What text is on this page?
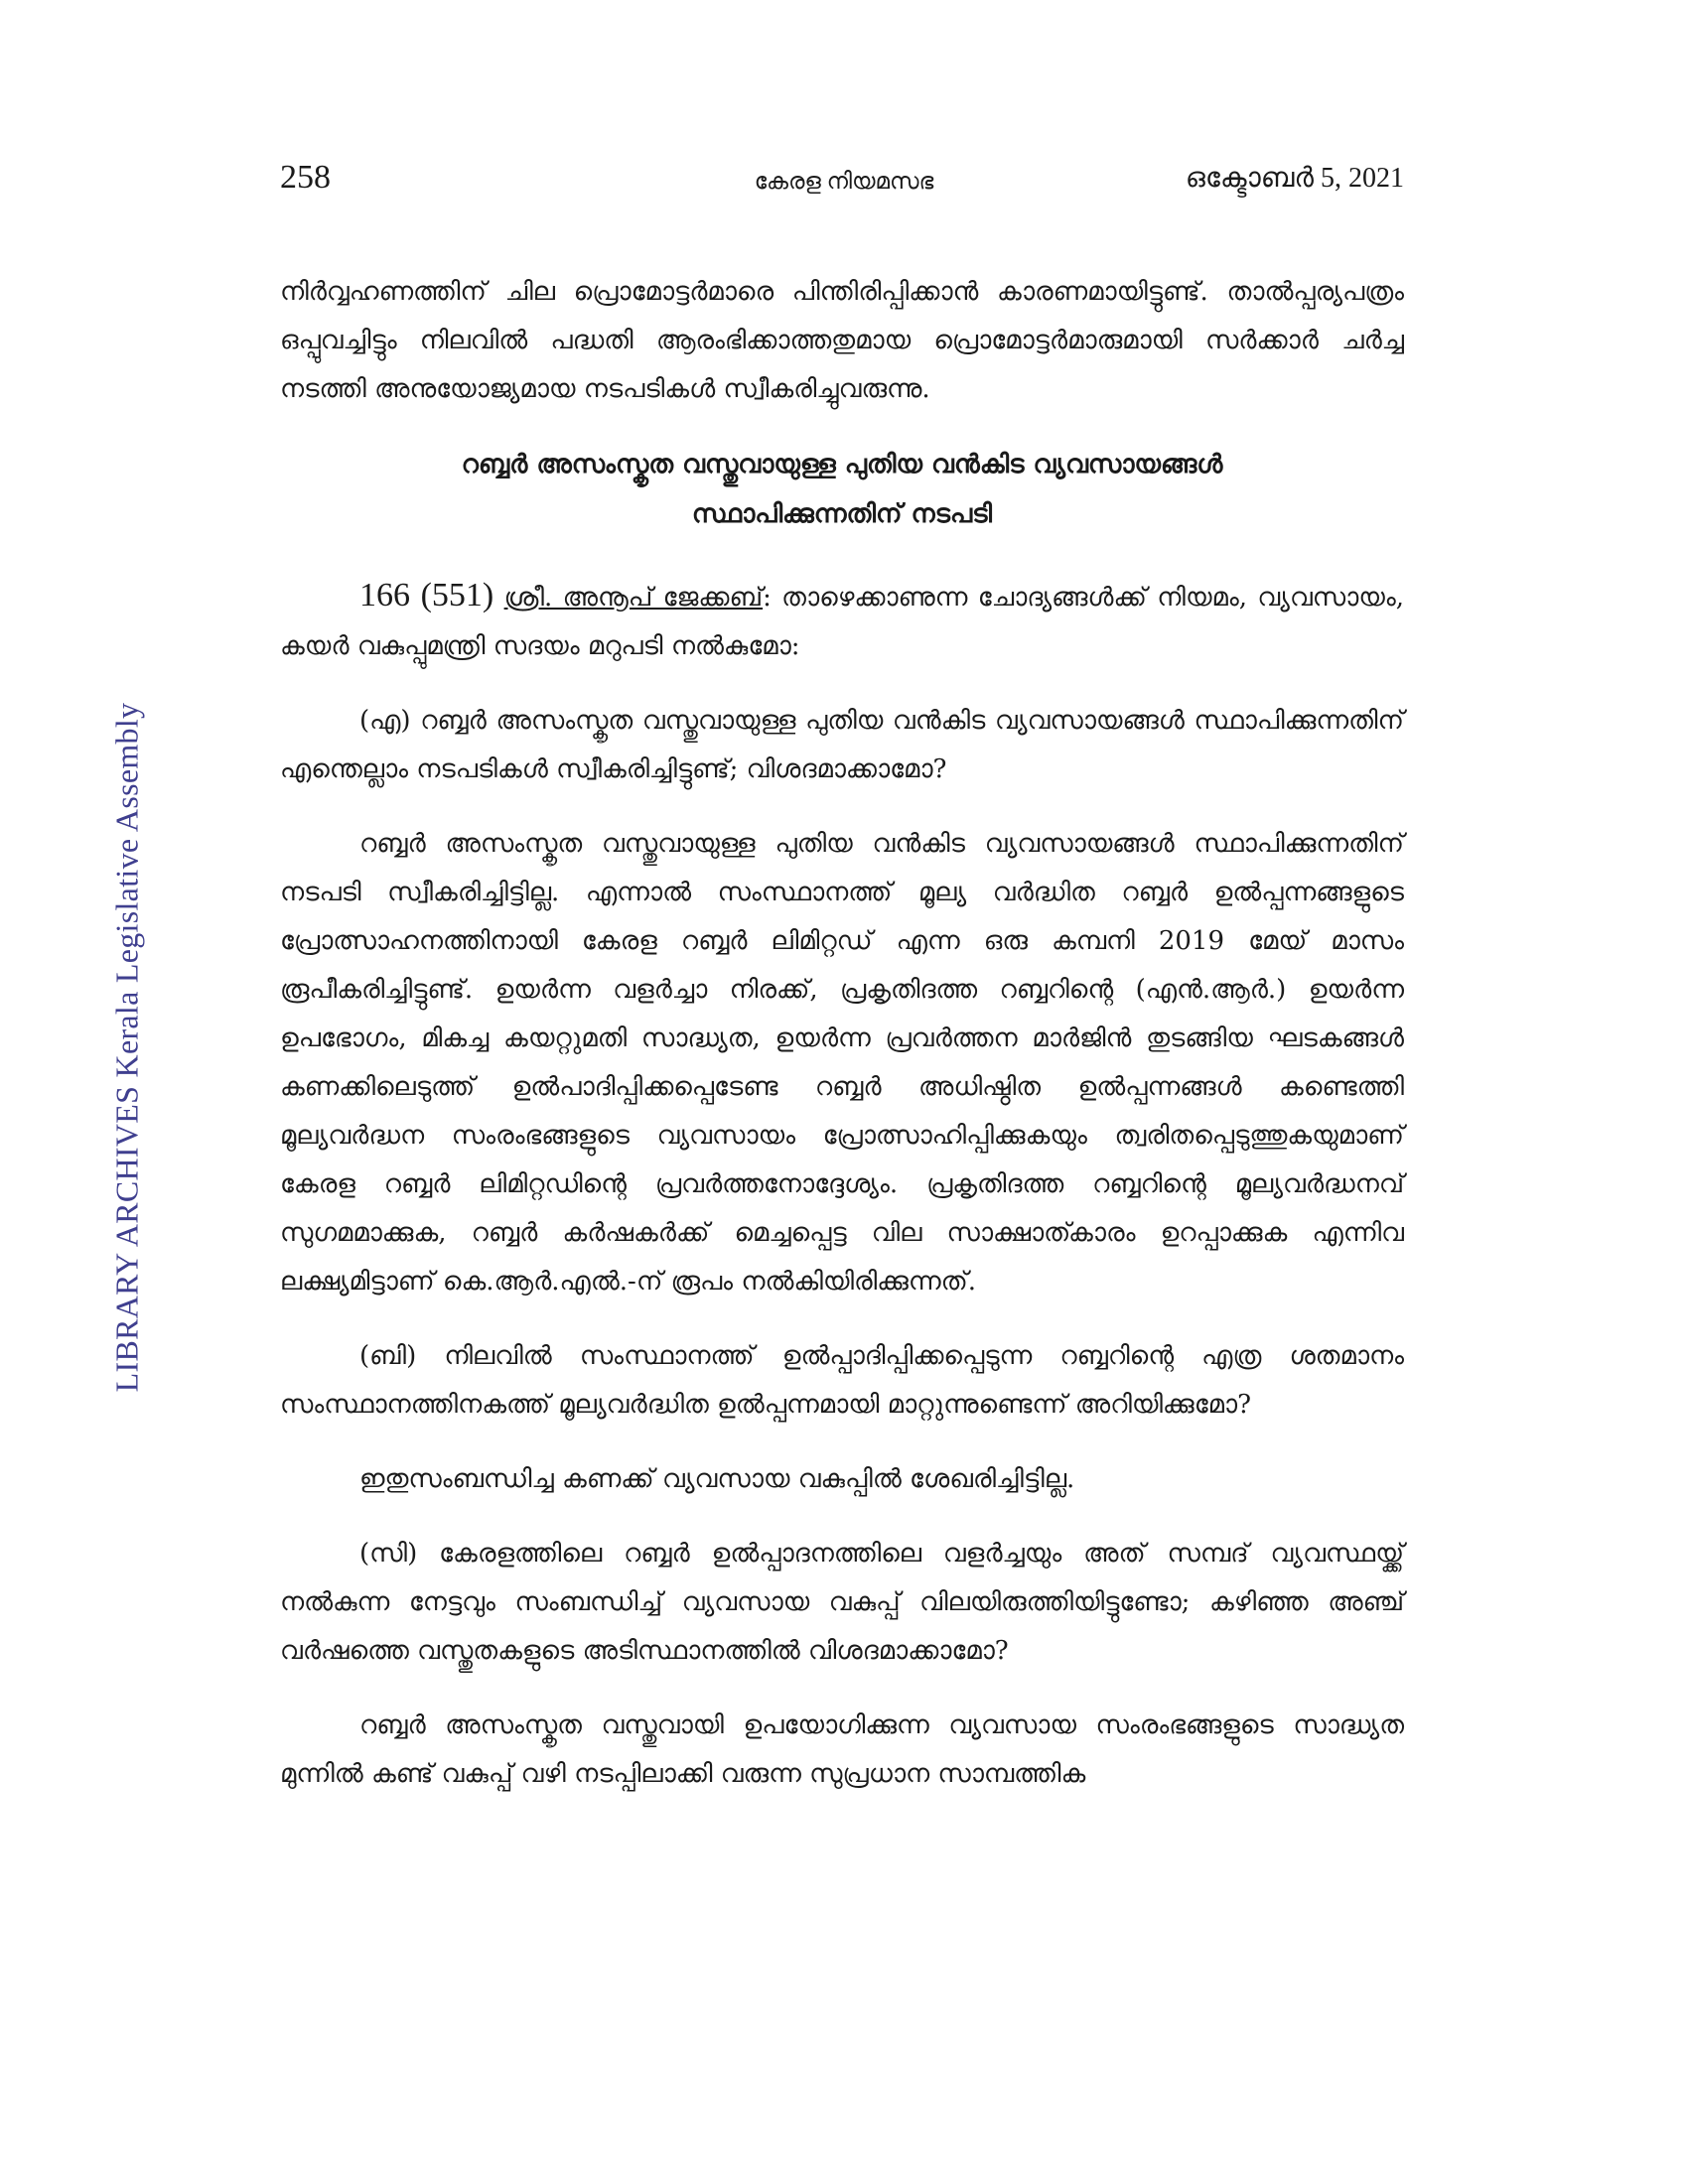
LIBRARY ARCHIVES Kerala Legislative Assembly
258	കേരള നിയമസഭ	ഒക്ടോബർ 5, 2021

നിർവ്വഹണത്തിന് ചില പ്രൊമോട്ടർമാരെ പിന്തിരിപ്പിക്കാൻ കാരണമായിട്ടുണ്ട്. താൽപ്പര്യപത്രം ഒപ്പുവച്ചിട്ടും നിലവിൽ പദ്ധതി ആരംഭിക്കാത്തതുമായ പ്രൊമോട്ടർമാരുമായി സർക്കാർ ചർച്ച നടത്തി അനുയോജ്യമായ നടപടികൾ സ്വീകരിച്ചുവരുന്നു.

റബ്ബർ അസംസ്കൃത വസ്തുവായുള്ള പുതിയ വൻകിട വ്യവസായങ്ങൾ
സ്ഥാപിക്കുന്നതിന് നടപടി

166 (551) ശ്രീ. അനൂപ് ജേക്കബ്: താഴെക്കാണുന്ന ചോദ്യങ്ങൾക്ക് നിയമം, വ്യവസായം, കയർ വകുപ്പുമന്ത്രി സദയം മറുപടി നൽകുമോ:

(എ) റബ്ബർ അസംസ്കൃത വസ്തുവായുള്ള പുതിയ വൻകിട വ്യവസായങ്ങൾ സ്ഥാപിക്കുന്നതിന് എന്തെല്ലാം നടപടികൾ സ്വീകരിച്ചിട്ടുണ്ട്; വിശദമാക്കാമോ?

റബ്ബർ അസംസ്കൃത വസ്തുവായുള്ള പുതിയ വൻകിട വ്യവസായങ്ങൾ സ്ഥാപിക്കുന്നതിന് നടപടി സ്വീകരിച്ചിട്ടില്ല. എന്നാൽ സംസ്ഥാനത്ത് മൂല്യ വർദ്ധിത റബ്ബർ ഉൽപ്പന്നങ്ങളുടെ പ്രോത്സാഹനത്തിനായി കേരള റബ്ബർ ലിമിറ്റഡ് എന്ന ഒരു കമ്പനി 2019 മേയ് മാസം രൂപീകരിച്ചിട്ടുണ്ട്. ഉയർന്ന വളർച്ചാ നിരക്ക്, പ്രകൃതിദത്ത റബ്ബറിന്റെ (എൻ.ആർ.) ഉയർന്ന ഉപഭോഗം, മികച്ച കയറ്റുമതി സാദ്ധ്യത, ഉയർന്ന പ്രവർത്തന മാർജിൻ തുടങ്ങിയ ഘടകങ്ങൾ കണക്കിലെടുത്ത് ഉൽപാദിപ്പിക്കപ്പെടേണ്ട റബ്ബർ അധിഷ്ഠിത ഉൽപ്പന്നങ്ങൾ കണ്ടെത്തി മൂല്യവർദ്ധന സംരംഭങ്ങളുടെ വ്യവസായം പ്രോത്സാഹിപ്പിക്കുകയും ത്വരിതപ്പെടുത്തുകയുമാണ് കേരള റബ്ബർ ലിമിറ്റഡിന്റെ പ്രവർത്തനോദ്ദേശ്യം. പ്രകൃതിദത്ത റബ്ബറിന്റെ മൂല്യവർദ്ധനവ് സുഗമമാക്കുക, റബ്ബർ കർഷകർക്ക് മെച്ചപ്പെട്ട വില സാക്ഷാത്കാരം ഉറപ്പാക്കുക എന്നിവ ലക്ഷ്യമിട്ടാണ് കെ.ആർ.എൽ.-ന് രൂപം നൽകിയിരിക്കുന്നത്.

(ബി) നിലവിൽ സംസ്ഥാനത്ത് ഉൽപ്പാദിപ്പിക്കപ്പെടുന്ന റബ്ബറിന്റെ എത്ര ശതമാനം സംസ്ഥാനത്തിനകത്ത് മൂല്യവർദ്ധിത ഉൽപ്പന്നമായി മാറ്റുന്നുണ്ടെന്ന് അറിയിക്കുമോ?

ഇതുസംബന്ധിച്ച കണക്ക് വ്യവസായ വകുപ്പിൽ ശേഖരിച്ചിട്ടില്ല.

(സി) കേരളത്തിലെ റബ്ബർ ഉൽപ്പാദനത്തിലെ വളർച്ചയും അത് സമ്പദ് വ്യവസ്ഥയ്ക്ക് നൽകുന്ന നേട്ടവും സംബന്ധിച്ച് വ്യവസായ വകുപ്പ് വിലയിരുത്തിയിട്ടുണ്ടോ; കഴിഞ്ഞ അഞ്ച് വർഷത്തെ വസ്തുതകളുടെ അടിസ്ഥാനത്തിൽ വിശദമാക്കാമോ?

റബ്ബർ അസംസ്കൃത വസ്തുവായി ഉപയോഗിക്കുന്ന വ്യവസായ സംരംഭങ്ങളുടെ സാദ്ധ്യത മുന്നിൽ കണ്ട് വകുപ്പ് വഴി നടപ്പിലാക്കി വരുന്ന സുപ്രധാന സാമ്പത്തിക
